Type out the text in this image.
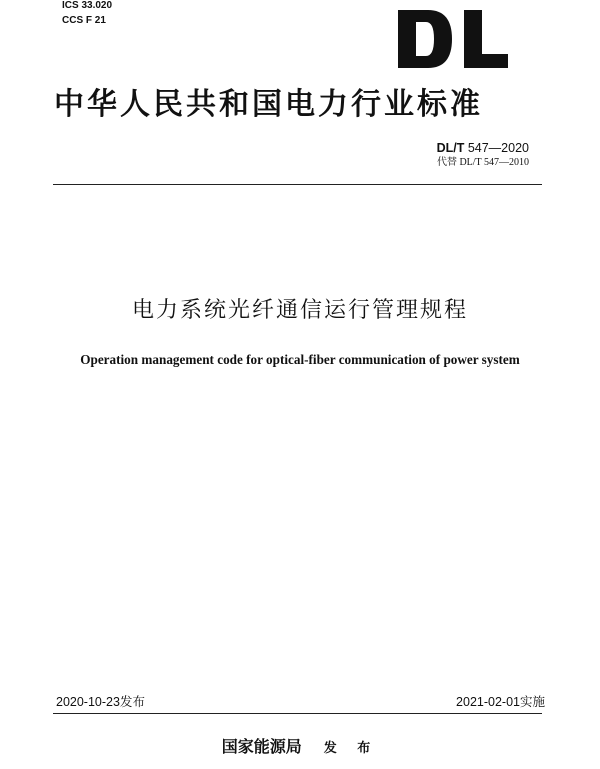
ICS 33.020
CCS F 21
中华人民共和国电力行业标准
DL/T 547—2020
代替 DL/T 547—2010
电力系统光纤通信运行管理规程
Operation management code for optical-fiber communication of power system
2020-10-23发布	2021-02-01实施
国家能源局 发 布
